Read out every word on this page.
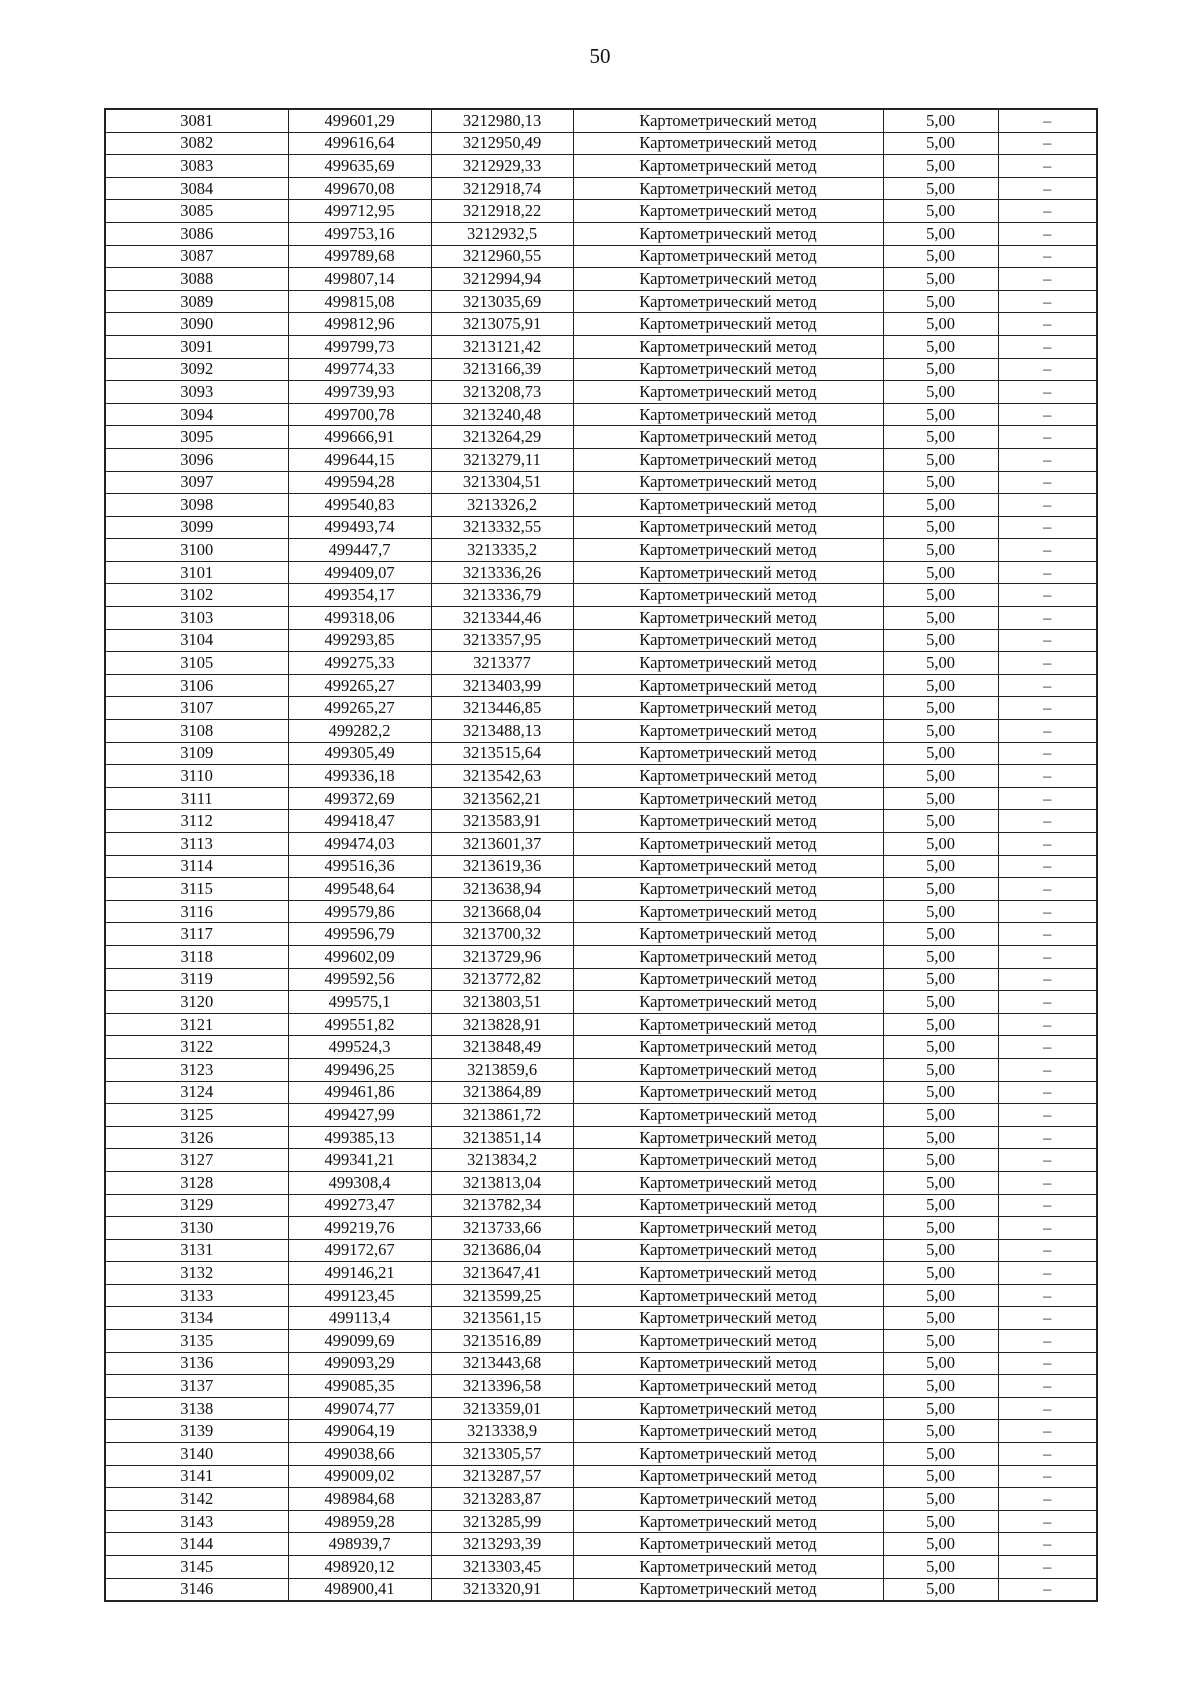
50
3081	499601,29	3212980,13	Картометрический метод	5,00	–
3082	499616,64	3212950,49	Картометрический метод	5,00	–
3083	499635,69	3212929,33	Картометрический метод	5,00	–
3084	499670,08	3212918,74	Картометрический метод	5,00	–
3085	499712,95	3212918,22	Картометрический метод	5,00	–
3086	499753,16	3212932,5	Картометрический метод	5,00	–
3087	499789,68	3212960,55	Картометрический метод	5,00	–
3088	499807,14	3212994,94	Картометрический метод	5,00	–
3089	499815,08	3213035,69	Картометрический метод	5,00	–
3090	499812,96	3213075,91	Картометрический метод	5,00	–
3091	499799,73	3213121,42	Картометрический метод	5,00	–
3092	499774,33	3213166,39	Картометрический метод	5,00	–
3093	499739,93	3213208,73	Картометрический метод	5,00	–
3094	499700,78	3213240,48	Картометрический метод	5,00	–
3095	499666,91	3213264,29	Картометрический метод	5,00	–
3096	499644,15	3213279,11	Картометрический метод	5,00	–
3097	499594,28	3213304,51	Картометрический метод	5,00	–
3098	499540,83	3213326,2	Картометрический метод	5,00	–
3099	499493,74	3213332,55	Картометрический метод	5,00	–
3100	499447,7	3213335,2	Картометрический метод	5,00	–
3101	499409,07	3213336,26	Картометрический метод	5,00	–
3102	499354,17	3213336,79	Картометрический метод	5,00	–
3103	499318,06	3213344,46	Картометрический метод	5,00	–
3104	499293,85	3213357,95	Картометрический метод	5,00	–
3105	499275,33	3213377	Картометрический метод	5,00	–
3106	499265,27	3213403,99	Картометрический метод	5,00	–
3107	499265,27	3213446,85	Картометрический метод	5,00	–
3108	499282,2	3213488,13	Картометрический метод	5,00	–
3109	499305,49	3213515,64	Картометрический метод	5,00	–
3110	499336,18	3213542,63	Картометрический метод	5,00	–
3111	499372,69	3213562,21	Картометрический метод	5,00	–
3112	499418,47	3213583,91	Картометрический метод	5,00	–
3113	499474,03	3213601,37	Картометрический метод	5,00	–
3114	499516,36	3213619,36	Картометрический метод	5,00	–
3115	499548,64	3213638,94	Картометрический метод	5,00	–
3116	499579,86	3213668,04	Картометрический метод	5,00	–
3117	499596,79	3213700,32	Картометрический метод	5,00	–
3118	499602,09	3213729,96	Картометрический метод	5,00	–
3119	499592,56	3213772,82	Картометрический метод	5,00	–
3120	499575,1	3213803,51	Картометрический метод	5,00	–
3121	499551,82	3213828,91	Картометрический метод	5,00	–
3122	499524,3	3213848,49	Картометрический метод	5,00	–
3123	499496,25	3213859,6	Картометрический метод	5,00	–
3124	499461,86	3213864,89	Картометрический метод	5,00	–
3125	499427,99	3213861,72	Картометрический метод	5,00	–
3126	499385,13	3213851,14	Картометрический метод	5,00	–
3127	499341,21	3213834,2	Картометрический метод	5,00	–
3128	499308,4	3213813,04	Картометрический метод	5,00	–
3129	499273,47	3213782,34	Картометрический метод	5,00	–
3130	499219,76	3213733,66	Картометрический метод	5,00	–
3131	499172,67	3213686,04	Картометрический метод	5,00	–
3132	499146,21	3213647,41	Картометрический метод	5,00	–
3133	499123,45	3213599,25	Картометрический метод	5,00	–
3134	499113,4	3213561,15	Картометрический метод	5,00	–
3135	499099,69	3213516,89	Картометрический метод	5,00	–
3136	499093,29	3213443,68	Картометрический метод	5,00	–
3137	499085,35	3213396,58	Картометрический метод	5,00	–
3138	499074,77	3213359,01	Картометрический метод	5,00	–
3139	499064,19	3213338,9	Картометрический метод	5,00	–
3140	499038,66	3213305,57	Картометрический метод	5,00	–
3141	499009,02	3213287,57	Картометрический метод	5,00	–
3142	498984,68	3213283,87	Картометрический метод	5,00	–
3143	498959,28	3213285,99	Картометрический метод	5,00	–
3144	498939,7	3213293,39	Картометрический метод	5,00	–
3145	498920,12	3213303,45	Картометрический метод	5,00	–
3146	498900,41	3213320,91	Картометрический метод	5,00	–
